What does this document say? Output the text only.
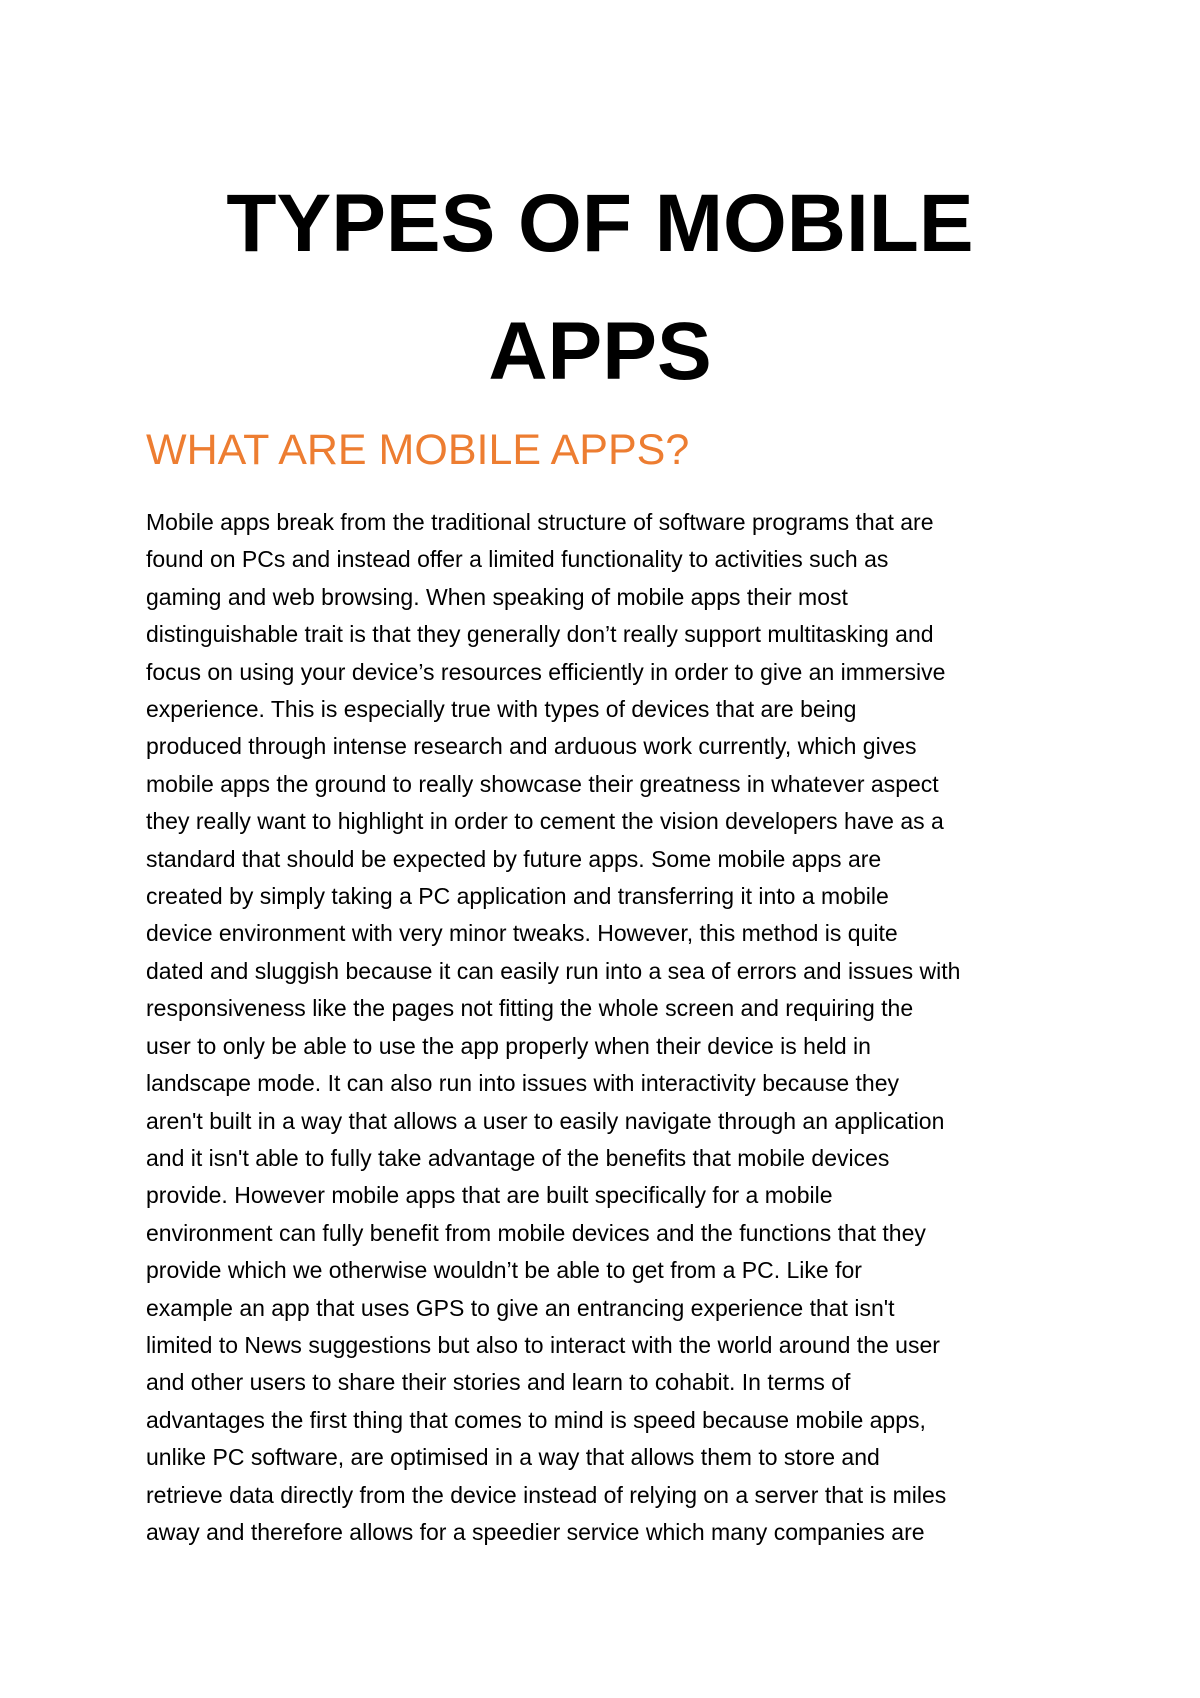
TYPES OF MOBILE
APPS
WHAT ARE MOBILE APPS?
Mobile apps break from the traditional structure of software programs that are
found on PCs and instead offer a limited functionality to activities such as
gaming and web browsing. When speaking of mobile apps their most
distinguishable trait is that they generally don’t really support multitasking and
focus on using your device’s resources efficiently in order to give an immersive
experience. This is especially true with types of devices that are being
produced through intense research and arduous work currently, which gives
mobile apps the ground to really showcase their greatness in whatever aspect
they really want to highlight in order to cement the vision developers have as a
standard that should be expected by future apps. Some mobile apps are
created by simply taking a PC application and transferring it into a mobile
device environment with very minor tweaks. However, this method is quite
dated and sluggish because it can easily run into a sea of errors and issues with
responsiveness like the pages not fitting the whole screen and requiring the
user to only be able to use the app properly when their device is held in
landscape mode. It can also run into issues with interactivity because they
aren't built in a way that allows a user to easily navigate through an application
and it isn't able to fully take advantage of the benefits that mobile devices
provide. However mobile apps that are built specifically for a mobile
environment can fully benefit from mobile devices and the functions that they
provide which we otherwise wouldn’t be able to get from a PC. Like for
example an app that uses GPS to give an entrancing experience that isn't
limited to News suggestions but also to interact with the world around the user
and other users to share their stories and learn to cohabit. In terms of
advantages the first thing that comes to mind is speed because mobile apps,
unlike PC software, are optimised in a way that allows them to store and
retrieve data directly from the device instead of relying on a server that is miles
away and therefore allows for a speedier service which many companies are
